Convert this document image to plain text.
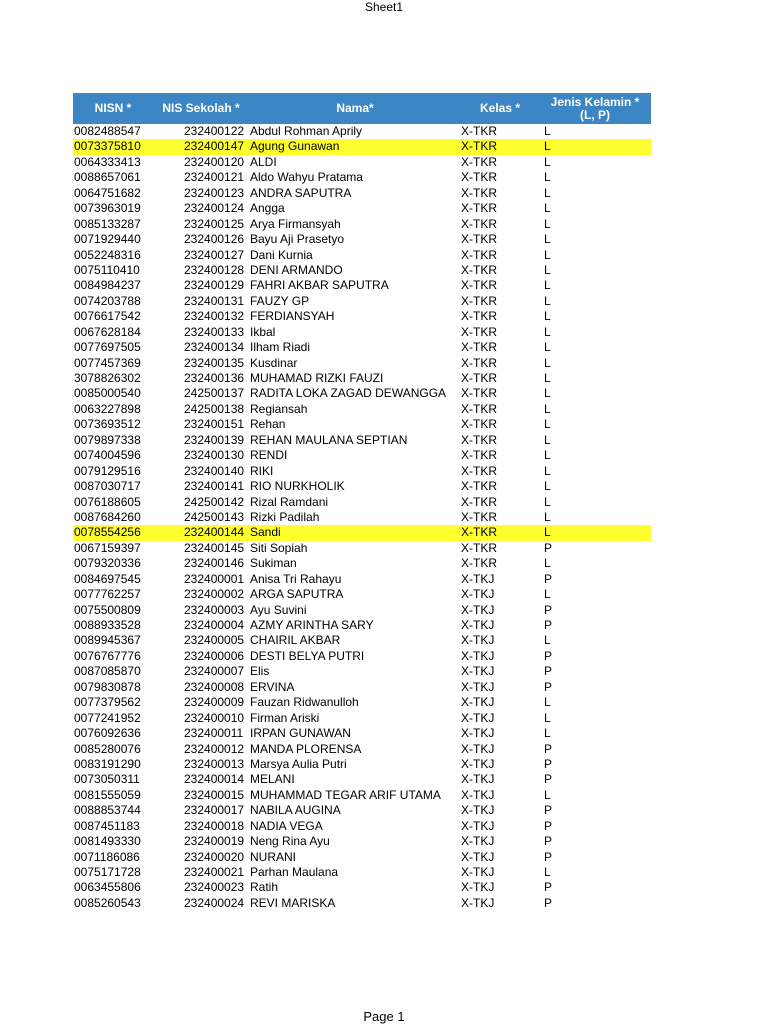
Sheet1
NISN *	NIS Sekolah *	Nama*	Kelas *	Jenis Kelamin *
(L, P)
0082488547	232400122 Abdul Rohman Aprily	X-TKR	L
0073375810	232400147 Agung Gunawan	X-TKR	L
0064333413	232400120 ALDI	X-TKR	L
0088657061	232400121 Aldo Wahyu Pratama	X-TKR	L
0064751682	232400123 ANDRA SAPUTRA	X-TKR	L
0073963019	232400124 Angga	X-TKR	L
0085133287	232400125 Arya Firmansyah	X-TKR	L
0071929440	232400126 Bayu Aji Prasetyo	X-TKR	L
0052248316	232400127 Dani Kurnia	X-TKR	L
0075110410	232400128 DENI ARMANDO	X-TKR	L
0084984237	232400129 FAHRI AKBAR SAPUTRA	X-TKR	L
0074203788	232400131 FAUZY GP	X-TKR	L
0076617542	232400132 FERDIANSYAH	X-TKR	L
0067628184	232400133 Ikbal	X-TKR	L
0077697505	232400134 Ilham Riadi	X-TKR	L
0077457369	232400135 Kusdinar	X-TKR	L
3078826302	232400136 MUHAMAD RIZKI FAUZI	X-TKR	L
0085000540	242500137 RADITA LOKA ZAGAD DEWANGGA X-TKR	L
0063227898	242500138 Regiansah	X-TKR	L
0073693512	232400151 Rehan	X-TKR	L
0079897338	232400139 REHAN MAULANA SEPTIAN	X-TKR	L
0074004596	232400130 RENDI	X-TKR	L
0079129516	232400140 RIKI	X-TKR	L
0087030717	232400141 RIO NURKHOLIK	X-TKR	L
0076188605	242500142 Rizal Ramdani	X-TKR	L
0087684260	242500143 Rizki Padilah	X-TKR	L
0078554256	232400144 Sandi	X-TKR	L
0067159397	232400145 Siti Sopiah	X-TKR	P
0079320336	232400146 Sukiman	X-TKR	L
0084697545	232400001 Anisa Tri Rahayu	X-TKJ	P
0077762257	232400002 ARGA SAPUTRA	X-TKJ	L
0075500809	232400003 Ayu Suvini	X-TKJ	P
0088933528	232400004 AZMY ARINTHA SARY	X-TKJ	P
0089945367	232400005 CHAIRIL AKBAR	X-TKJ	L
0076767776	232400006 DESTI BELYA PUTRI	X-TKJ	P
0087085870	232400007 Elis	X-TKJ	P
0079830878	232400008 ERVINA	X-TKJ	P
0077379562	232400009 Fauzan Ridwanulloh	X-TKJ	L
0077241952	232400010 Firman Ariski	X-TKJ	L
0076092636	232400011 IRPAN GUNAWAN	X-TKJ	L
0085280076	232400012 MANDA PLORENSA	X-TKJ	P
0083191290	232400013 Marsya Aulia Putri	X-TKJ	P
0073050311	232400014 MELANI	X-TKJ	P
0081555059	232400015 MUHAMMAD TEGAR ARIF UTAMA X-TKJ	L
0088853744	232400017 NABILA AUGINA	X-TKJ	P
0087451183	232400018 NADIA VEGA	X-TKJ	P
0081493330	232400019 Neng Rina Ayu	X-TKJ	P
0071186086	232400020 NURANI	X-TKJ	P
0075171728	232400021 Parhan Maulana	X-TKJ	L
0063455806	232400023 Ratih	X-TKJ	P
0085260543	232400024 REVI MARISKA	X-TKJ	P
Page 1
